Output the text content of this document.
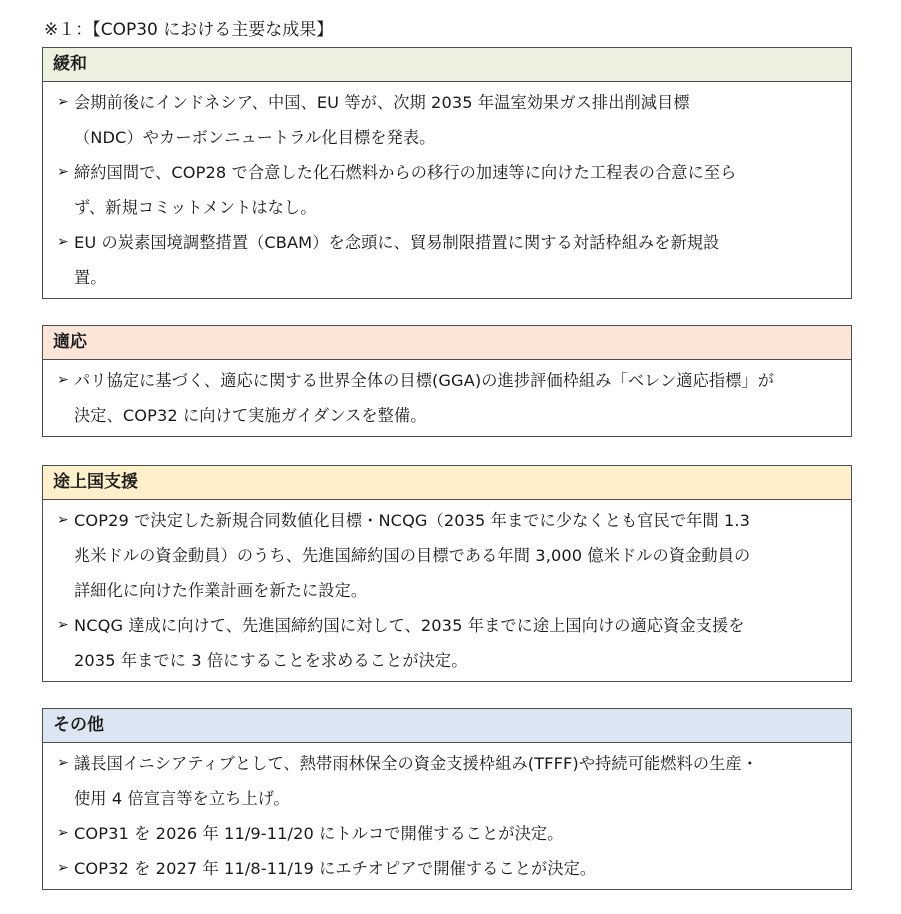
※１：【COP30 における主要な成果】
緩和
➢ 会期前後にインドネシア、中国、EU 等が、次期 2035 年温室効果ガス排出削減目標
（NDC）やカーボンニュートラル化目標を発表。
➢ 締約国間で、COP28 で合意した化石燃料からの移行の加速等に向けた工程表の合意に至ら
ず、新規コミットメントはなし。
➢ EU の炭素国境調整措置（CBAM）を念頭に、貿易制限措置に関する対話枠組みを新規設
置。
適応
➢ パリ協定に基づく、適応に関する世界全体の目標(GGA)の進捗評価枠組み「ベレン適応指標」が
決定、COP32 に向けて実施ガイダンスを整備。
途上国支援
➢ COP29 で決定した新規合同数値化目標・NCQG（2035 年までに少なくとも官民で年間 1.3
兆米ドルの資金動員）のうち、先進国締約国の目標である年間 3,000 億米ドルの資金動員の
詳細化に向けた作業計画を新たに設定。
➢ NCQG 達成に向けて、先進国締約国に対して、2035 年までに途上国向けの適応資金支援を
2035 年までに 3 倍にすることを求めることが決定。
その他
➢ 議長国イニシアティブとして、熱帯雨林保全の資金支援枠組み(TFFF)や持続可能燃料の生産・
使用 4 倍宣言等を立ち上げ。
➢ COP31 を 2026 年 11/9-11/20 にトルコで開催することが決定。
➢ COP32 を 2027 年 11/8-11/19 にエチオピアで開催することが決定。
